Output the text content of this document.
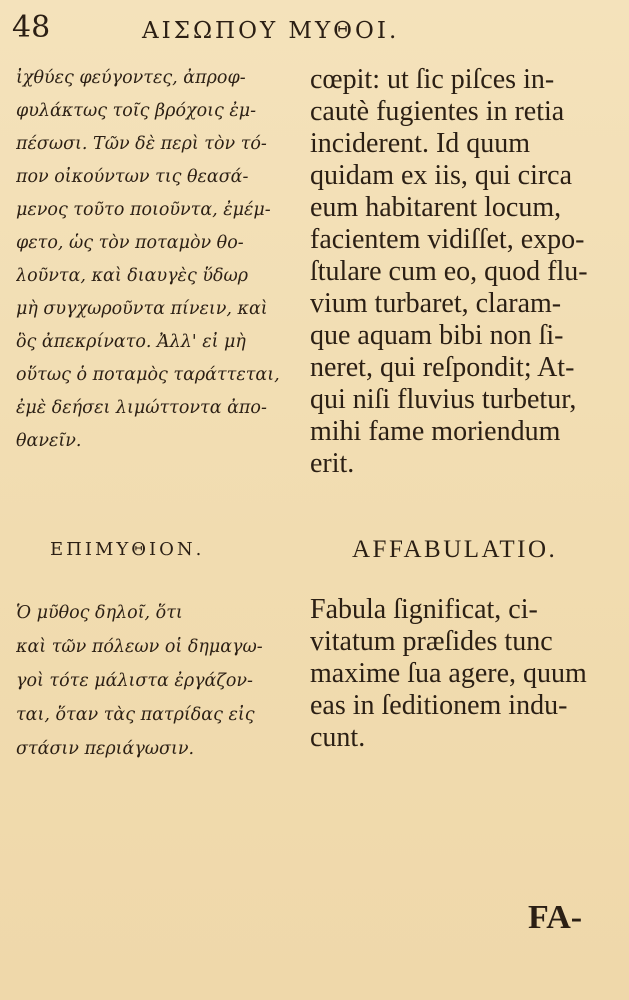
48	ΑΙΣΩΠΟΥ ΜΥΘΟΙ.
ἰχθύες φεύγοντες, ἀπροφ-
φυλάκτως τοῖς βρόχοις ἐμ-
πέσωσι. Τῶν δὲ περὶ τὸν τό-
πον οἰκούντων τις θεασά-
μενος τοῦτο ποιοῦντα, ἐμέμ-
φετο, ὡς τὸν ποταμὸν θο-
λοῦντα, καὶ διαυγὲς ὕδωρ
μὴ συγχωροῦντα πίνειν, καὶ
ὃς ἀπεκρίνατο. Ἀλλ' εἰ μὴ
οὕτως ὁ ποταμὸς ταράττεται,
ἐμὲ δεήσει λιμώττοντα ἀπο-
θανεῖν.
cœpit: ut ſic piſces in-
cautè fugientes in retia
inciderent. Id quum
quidam ex iis, qui circa
eum habitarent locum,
facientem vidiſſet, expo-
ſtulare cum eo, quod flu-
vium turbaret, claram-
que aquam bibi non ſi-
neret, qui reſpondit; At-
qui niſi fluvius turbetur,
mihi fame moriendum
erit.
ΕΠΙΜΥΘΙΟΝ.	AFFABULATIO.
Ὁ μῦθος δηλοῖ, ὅτι
καὶ τῶν πόλεων οἱ δημαγω-
γοὶ τότε μάλιστα ἐργάζον-
ται, ὅταν τὰς πατρίδας εἰς
στάσιν περιάγωσιν.
Fabula ſignificat, ci-
vitatum præſides tunc
maxime ſua agere, quum
eas in ſeditionem indu-
cunt.
FA-
